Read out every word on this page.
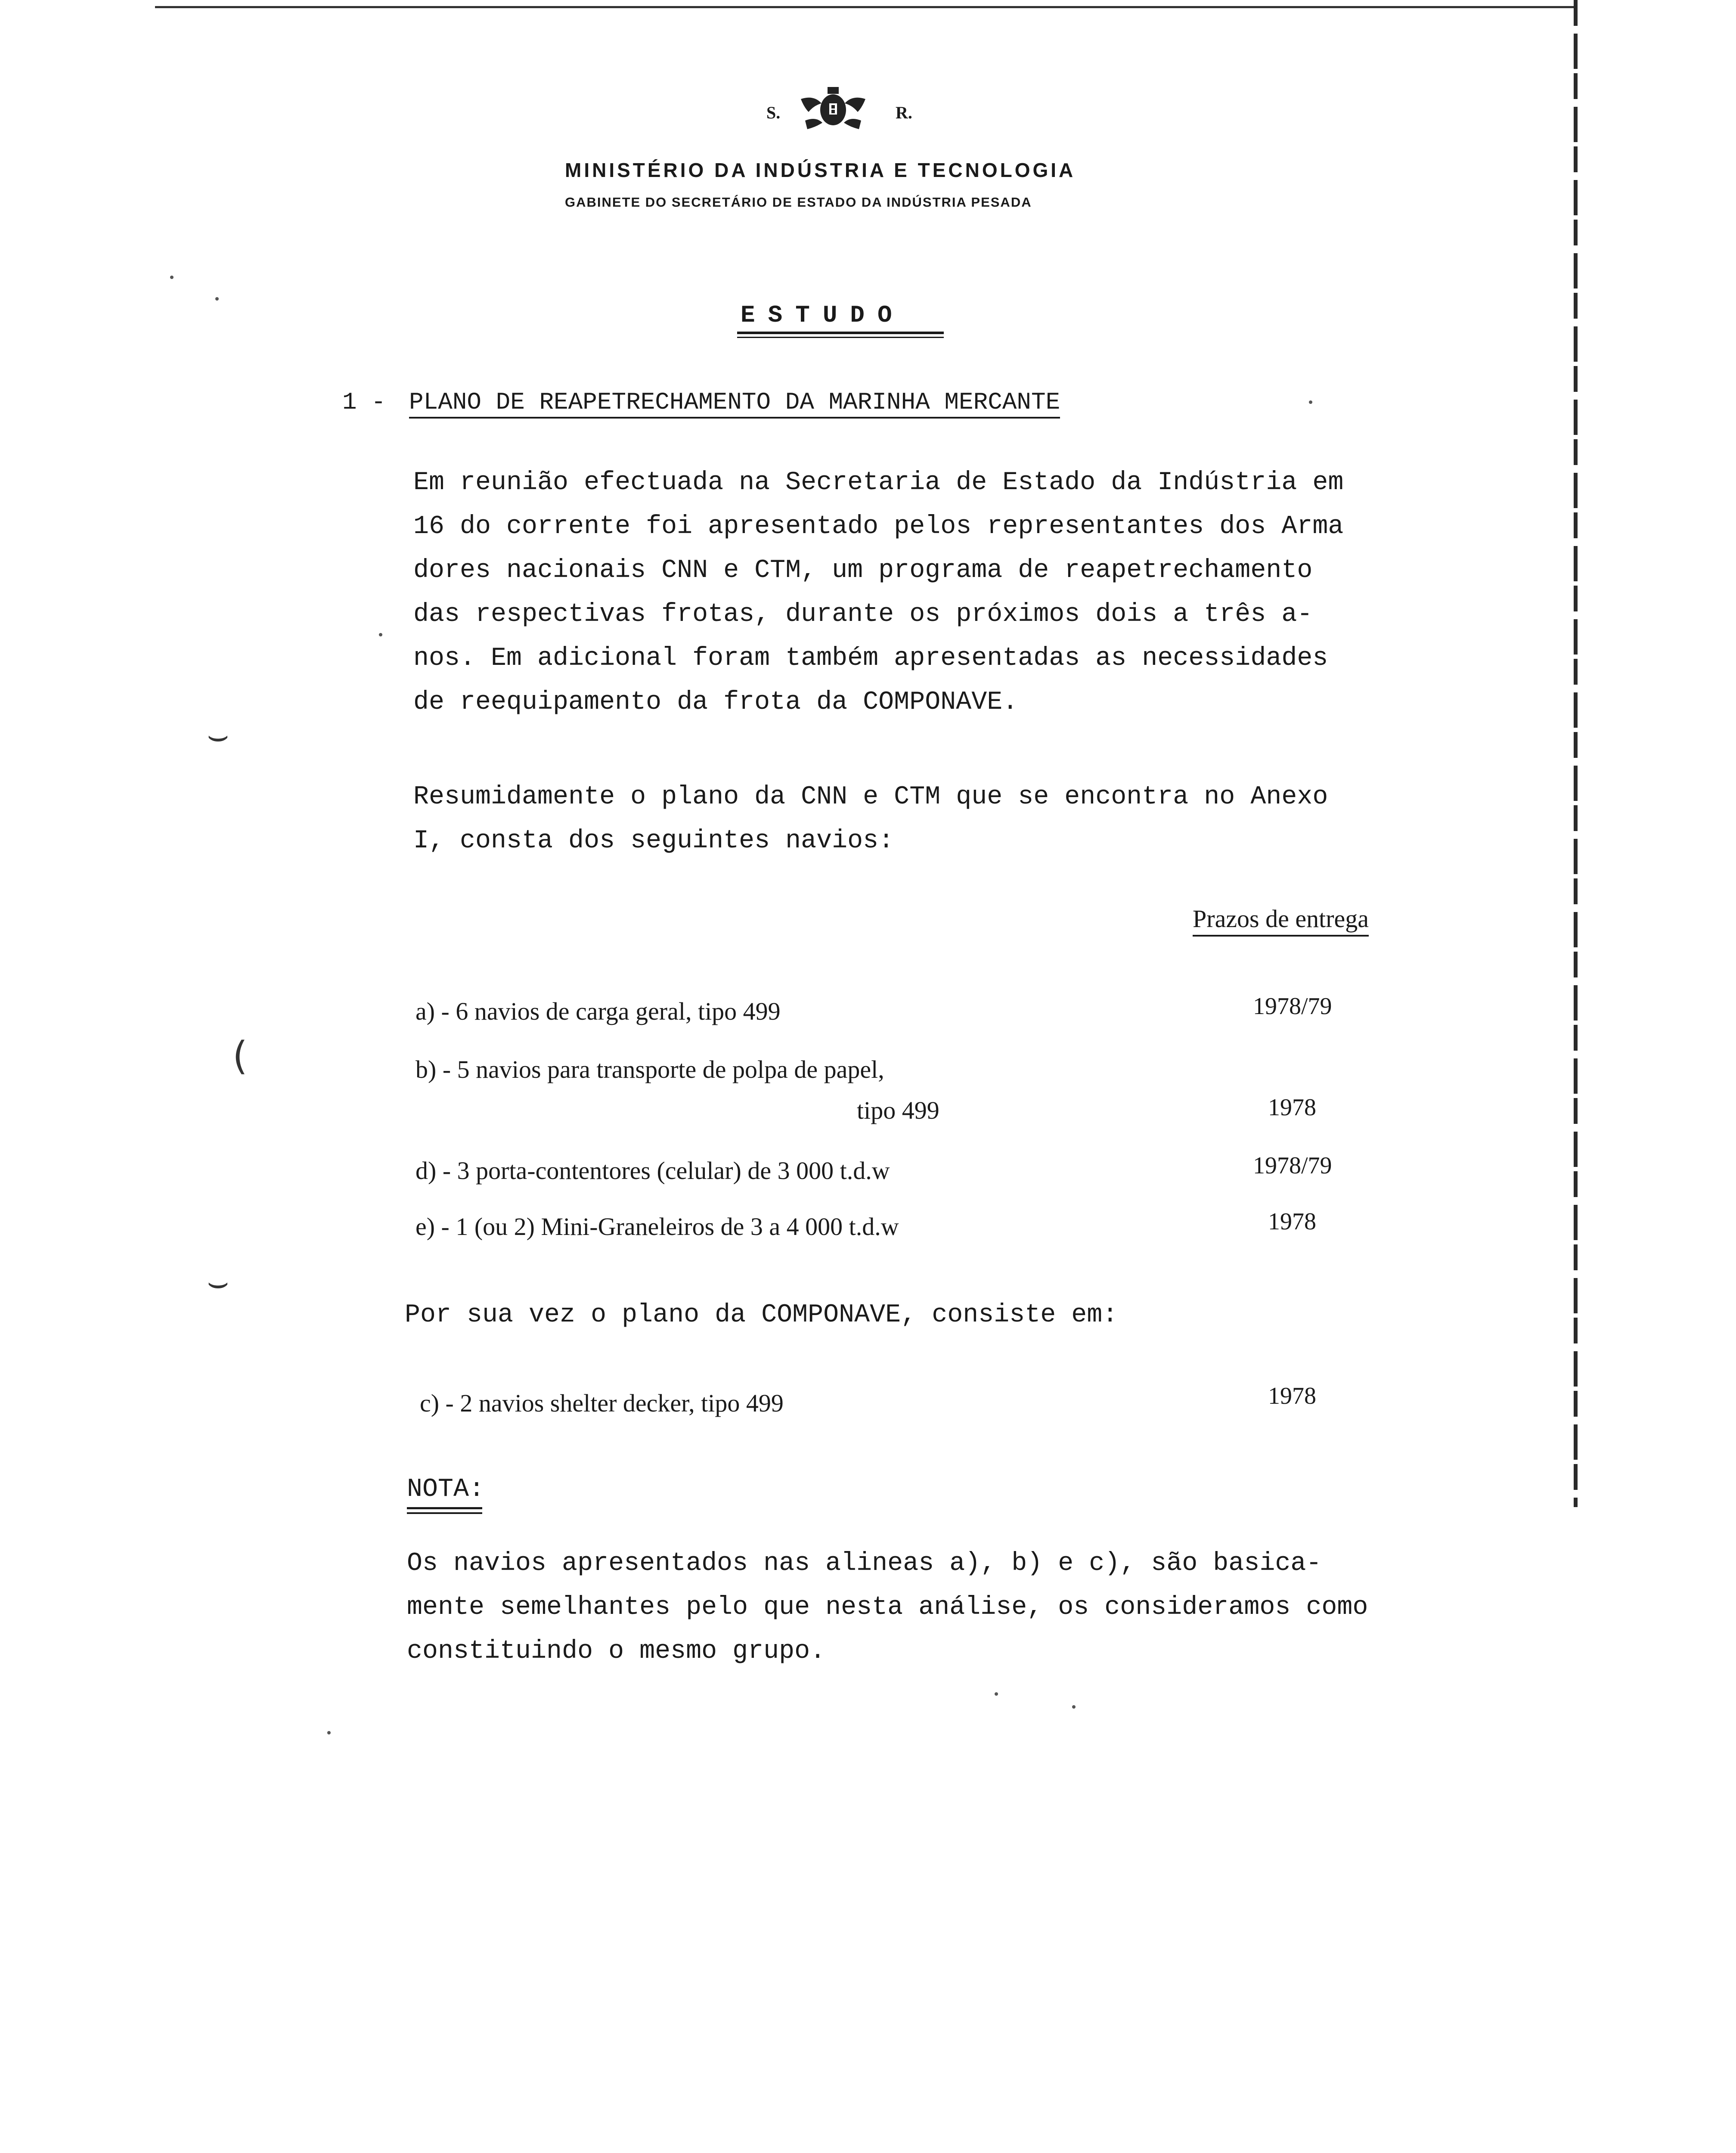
⌣
⌣
(
S.	R.
MINISTÉRIO DA INDÚSTRIA E TECNOLOGIA
GABINETE DO SECRETÁRIO DE ESTADO DA INDÚSTRIA PESADA
ESTUDO
1 - PLANO DE REAPETRECHAMENTO DA MARINHA MERCANTE
Em reunião efectuada na Secretaria de Estado da Indústria em
16 do corrente foi apresentado pelos representantes dos Arma
dores nacionais CNN e CTM, um programa de reapetrechamento
das respectivas frotas, durante os próximos dois a três a-
nos. Em adicional foram também apresentadas as necessidades
de reequipamento da frota da COMPONAVE.
Resumidamente o plano da CNN e CTM que se encontra no Anexo
I, consta dos seguintes navios:
Prazos de entrega
a) - 6 navios de carga geral, tipo 499	1978/79
b) - 5 navios para transporte de polpa de papel,
tipo 499	1978
d) - 3 porta-contentores (celular) de 3 000 t.d.w	1978/79
e) - 1 (ou 2) Mini-Graneleiros de 3 a 4 000 t.d.w	1978
Por sua vez o plano da COMPONAVE, consiste em:
c) - 2 navios shelter decker, tipo 499	1978
NOTA:
Os navios apresentados nas alineas a), b) e c), são basica-
mente semelhantes pelo que nesta análise, os consideramos como
constituindo o mesmo grupo.
